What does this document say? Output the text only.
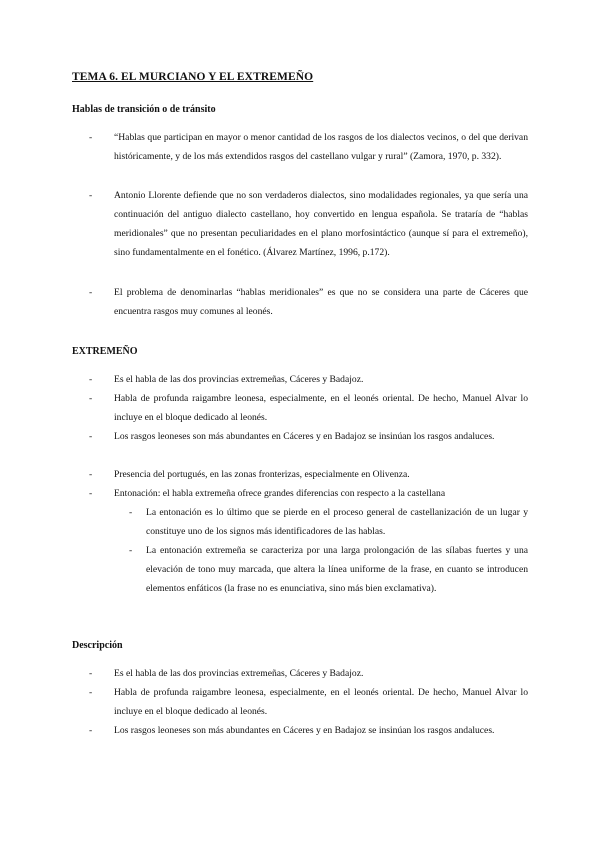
TEMA 6. EL MURCIANO Y EL EXTREMEÑO
Hablas de transición o de tránsito
- “Hablas que participan en mayor o menor cantidad de los rasgos de los dialectos vecinos, o del que derivan históricamente, y de los más extendidos rasgos del castellano vulgar y rural” (Zamora, 1970, p. 332).
- Antonio Llorente defiende que no son verdaderos dialectos, sino modalidades regionales, ya que sería una continuación del antiguo dialecto castellano, hoy convertido en lengua española. Se trataría de “hablas meridionales” que no presentan peculiaridades en el plano morfosintáctico (aunque sí para el extremeño), sino fundamentalmente en el fonético. (Álvarez Martínez, 1996, p.172).
- El problema de denominarlas “hablas meridionales” es que no se considera una parte de Cáceres que encuentra rasgos muy comunes al leonés.
EXTREMEÑO
- Es el habla de las dos provincias extremeñas, Cáceres y Badajoz.
- Habla de profunda raigambre leonesa, especialmente, en el leonés oriental. De hecho, Manuel Alvar lo incluye en el bloque dedicado al leonés.
- Los rasgos leoneses son más abundantes en Cáceres y en Badajoz se insinúan los rasgos andaluces.
- Presencia del portugués, en las zonas fronterizas, especialmente en Olivenza.
- Entonación: el habla extremeña ofrece grandes diferencias con respecto a la castellana
- La entonación es lo último que se pierde en el proceso general de castellanización de un lugar y constituye uno de los signos más identificadores de las hablas.
- La entonación extremeña se caracteriza por una larga prolongación de las sílabas fuertes y una elevación de tono muy marcada, que altera la línea uniforme de la frase, en cuanto se introducen elementos enfáticos (la frase no es enunciativa, sino más bien exclamativa).
Descripción
- Es el habla de las dos provincias extremeñas, Cáceres y Badajoz.
- Habla de profunda raigambre leonesa, especialmente, en el leonés oriental. De hecho, Manuel Alvar lo incluye en el bloque dedicado al leonés.
- Los rasgos leoneses son más abundantes en Cáceres y en Badajoz se insinúan los rasgos andaluces.
